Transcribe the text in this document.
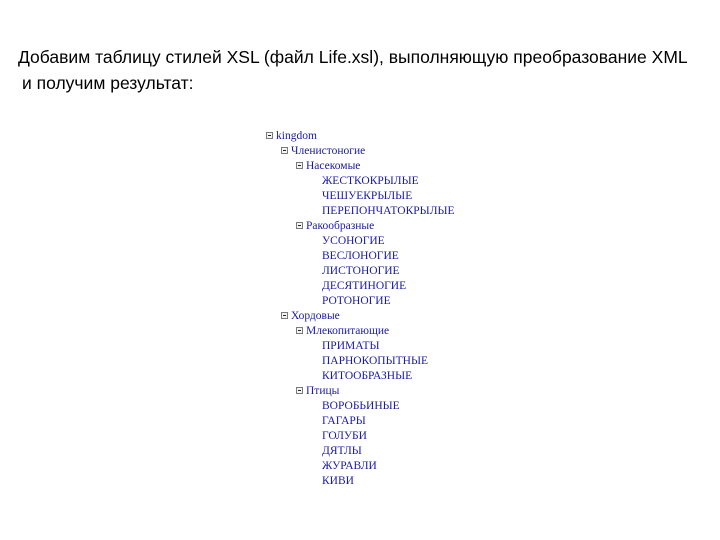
Добавим таблицу стилей XSL (файл Life.xsl), выполняющую преобразование XML
и получим результат:
kingdom
Членистоногие
Насекомые
ЖЕСТКОКРЫЛЫЕ
ЧЕШУЕКРЫЛЫЕ
ПЕРЕПОНЧАТОКРЫЛЫЕ
Ракообразные
УСОНОГИЕ
ВЕСЛОНОГИЕ
ЛИСТОНОГИЕ
ДЕСЯТИНОГИЕ
РОТОНОГИЕ
Хордовые
Млекопитающие
ПРИМАТЫ
ПАРНОКОПЫТНЫЕ
КИТООБРАЗНЫЕ
Птицы
ВОРОБЬИНЫЕ
ГАГАРЫ
ГОЛУБИ
ДЯТЛЫ
ЖУРАВЛИ
КИВИ
